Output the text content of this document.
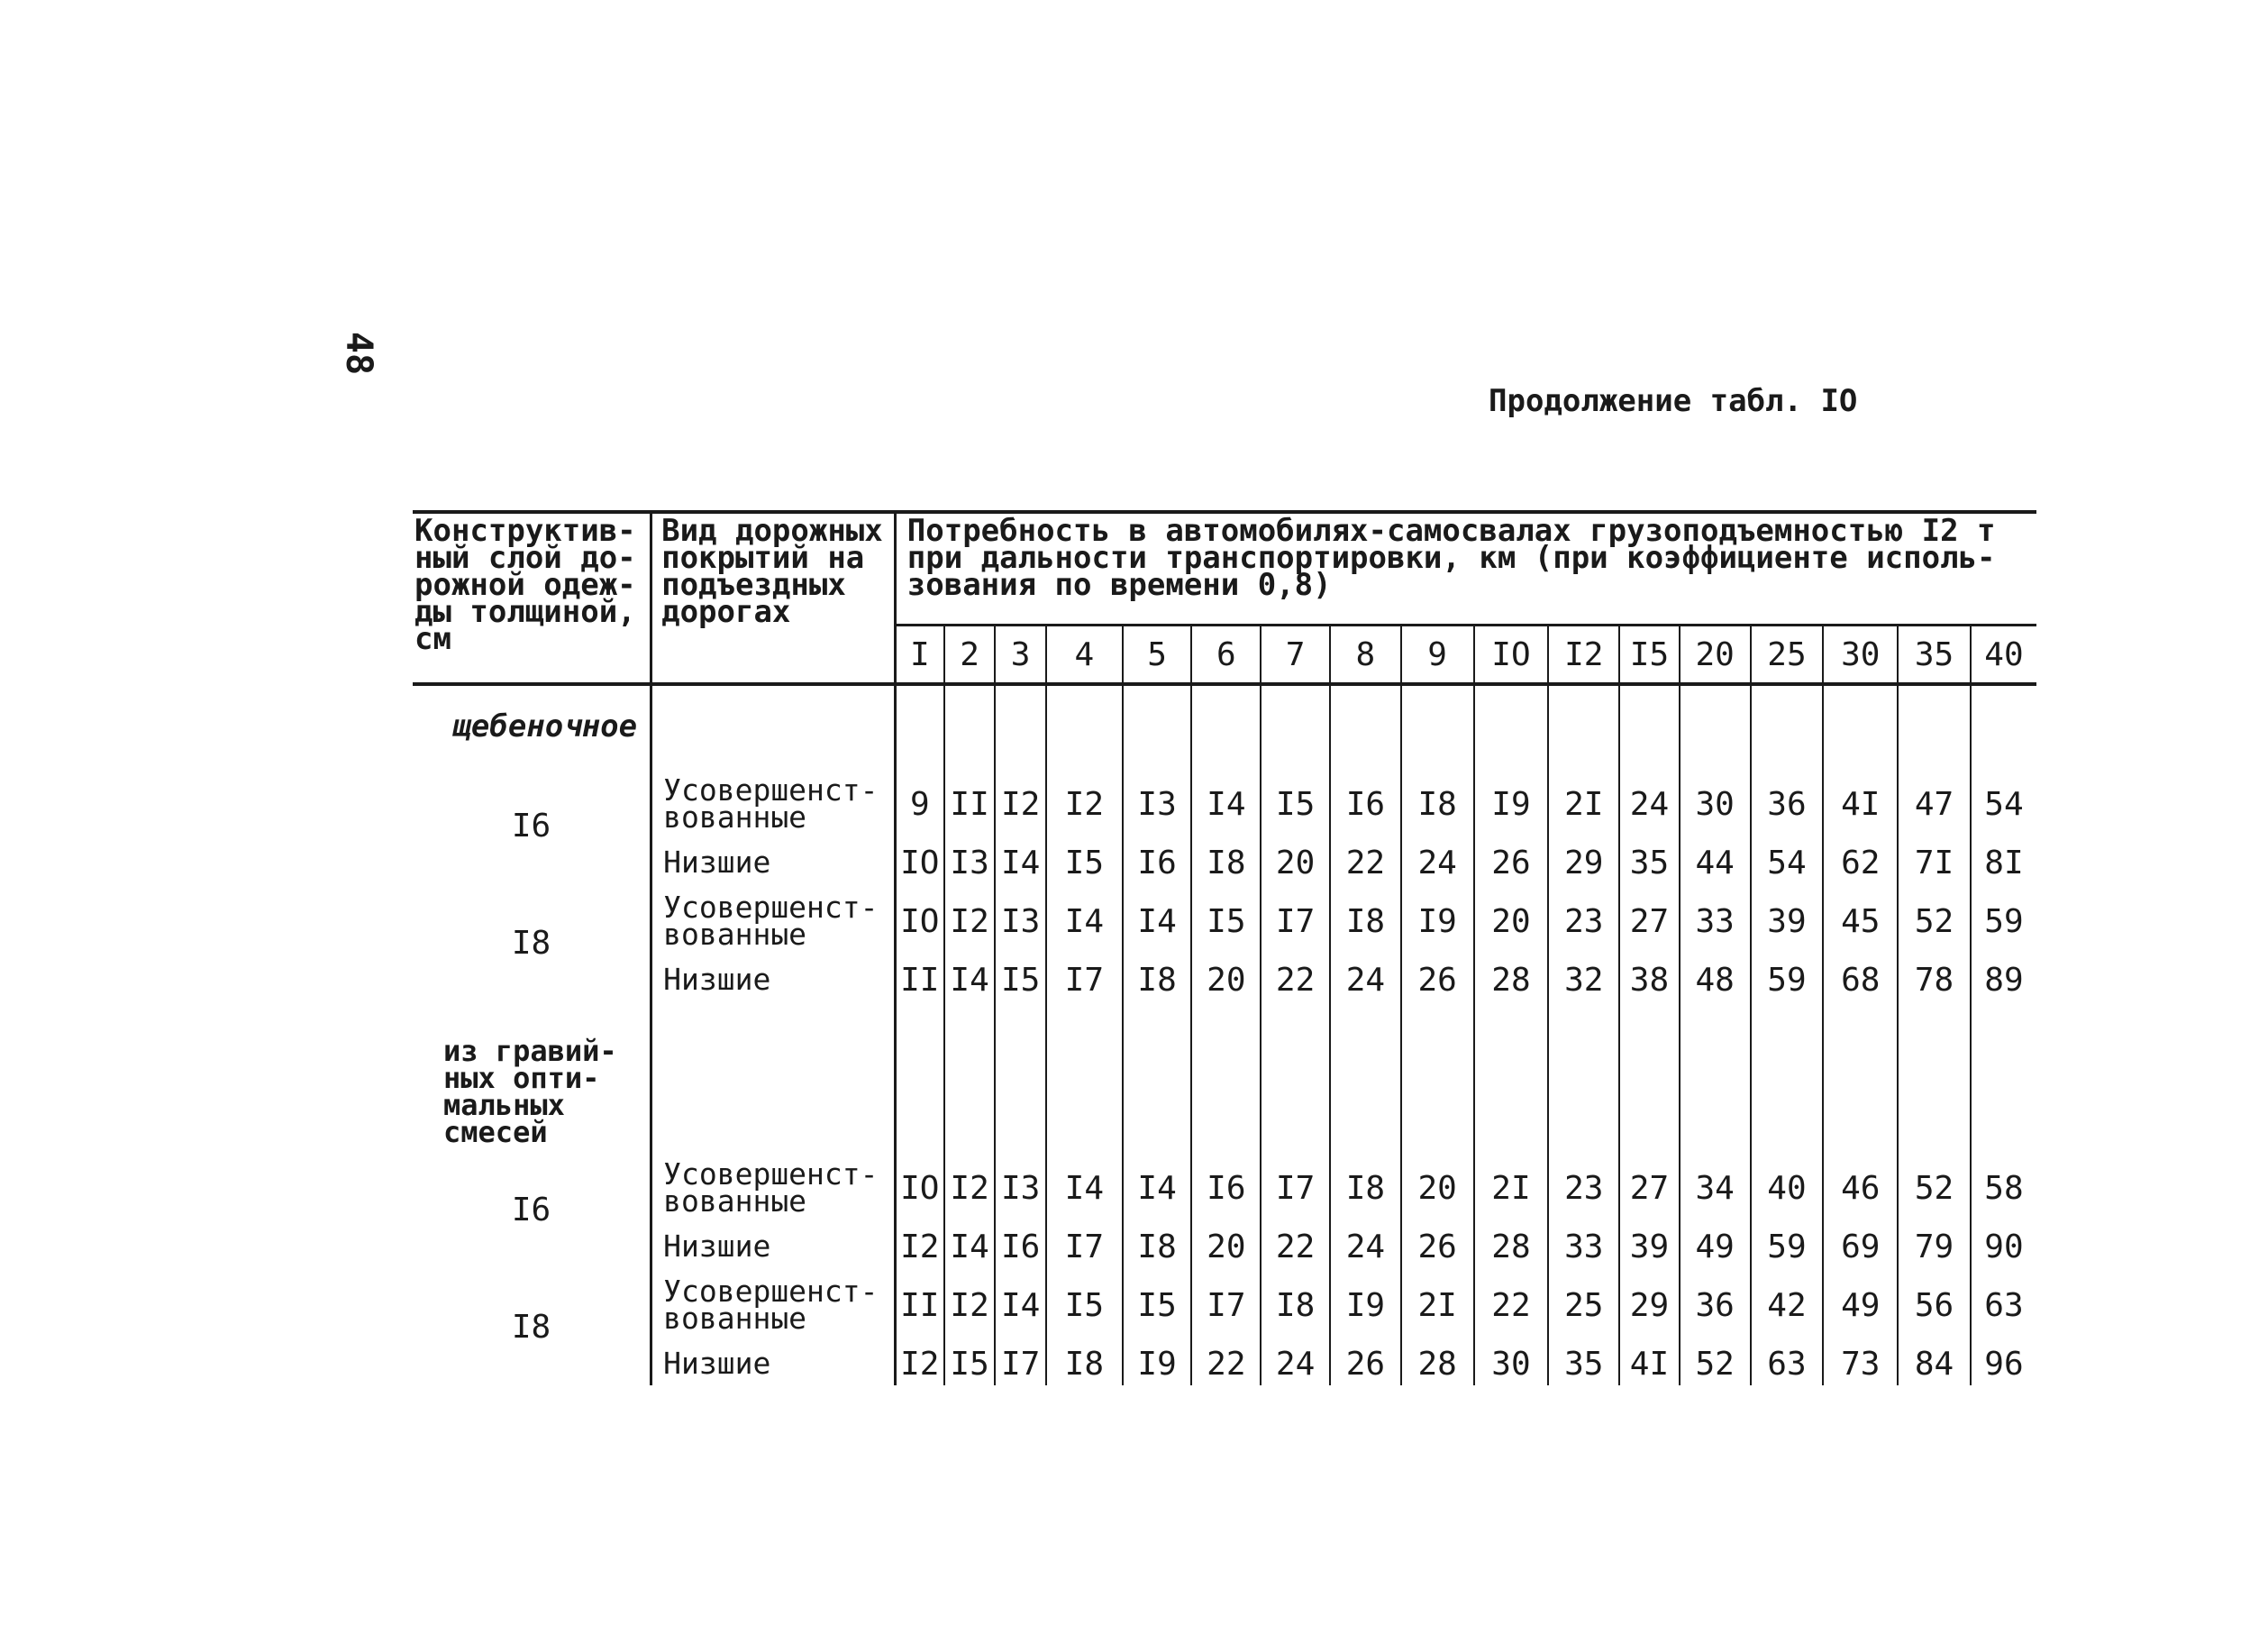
48
Продолжение табл. IO
Конструктив-ный слой до-рожной одеж-ды толщиной, см	Вид дорожных покрытий на подъездных дорогах	Потребность в автомобилях-самосвалах грузоподъемностью I2 т при дальности транспортировки, км (при коэффициенте исполь-зования по времени 0,8)																
		I	2	3	4	5	6	7	8	9	IO	I2	I5	20	25	30	35	40
щебеночное																		
I6	Усовершенст-вованные	9	II	I2	I2	I3	I4	I5	I6	I8	I9	2I	24	30	36	4I	47	54
	Низшие	IO	I3	I4	I5	I6	I8	20	22	24	26	29	35	44	54	62	7I	8I
I8	Усовершенст-вованные	IO	I2	I3	I4	I4	I5	I7	I8	I9	20	23	27	33	39	45	52	59
	Низшие	II	I4	I5	I7	I8	20	22	24	26	28	32	38	48	59	68	78	89
из гравий-ных опти-мальных смесей																		
I6	Усовершенст-вованные	IO	I2	I3	I4	I4	I6	I7	I8	20	2I	23	27	34	40	46	52	58
	Низшие	I2	I4	I6	I7	I8	20	22	24	26	28	33	39	49	59	69	79	90
I8	Усовершенст-вованные	II	I2	I4	I5	I5	I7	I8	I9	2I	22	25	29	36	42	49	56	63
	Низшие	I2	I5	I7	I8	I9	22	24	26	28	30	35	4I	52	63	73	84	96
